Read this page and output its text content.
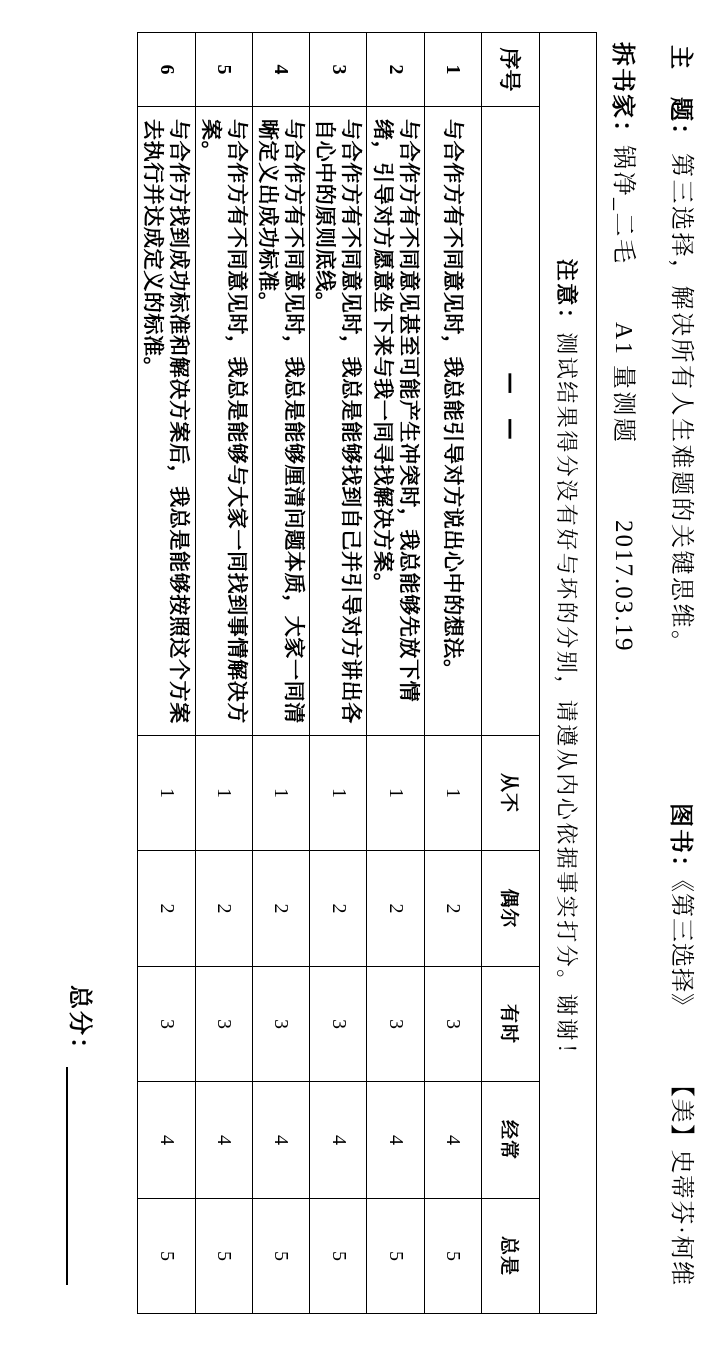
主　题：
第三选择，解决所有人生难题的关键思维。
图书：
《第三选择》
【美】史蒂芬·柯维
拆书家：
锅净_二毛
A1 量测题
2017.03.19
注意：测试结果得分没有好与坏的分别，请遵从内心依据事实打分。谢谢！						
序号	— —	从不	偶尔	有时	经常	总是
1	与合作方有不同意见时，我总能引导对方说出心中的想法。	1	2	3	4	5
2	与合作方有不同意见甚至可能产生冲突时，我总能够先放下情
绪，引导对方愿意坐下来与我一同寻找解决方案。	1	2	3	4	5
3	与合作方有不同意见时，我总是能够找到自己并引导对方讲出各
自心中的原则底线。	1	2	3	4	5
4	与合作方有不同意见时，我总是能够厘清问题本质，大家一同清
晰定义出成功标准。	1	2	3	4	5
5	与合作方有不同意见时，我总是能够与大家一同找到事情解决方
案。	1	2	3	4	5
6	与合作方找到成功标准和解决方案后，我总是能够按照这个方案
去执行并达成定义的标准。	1	2	3	4	5
总分：
